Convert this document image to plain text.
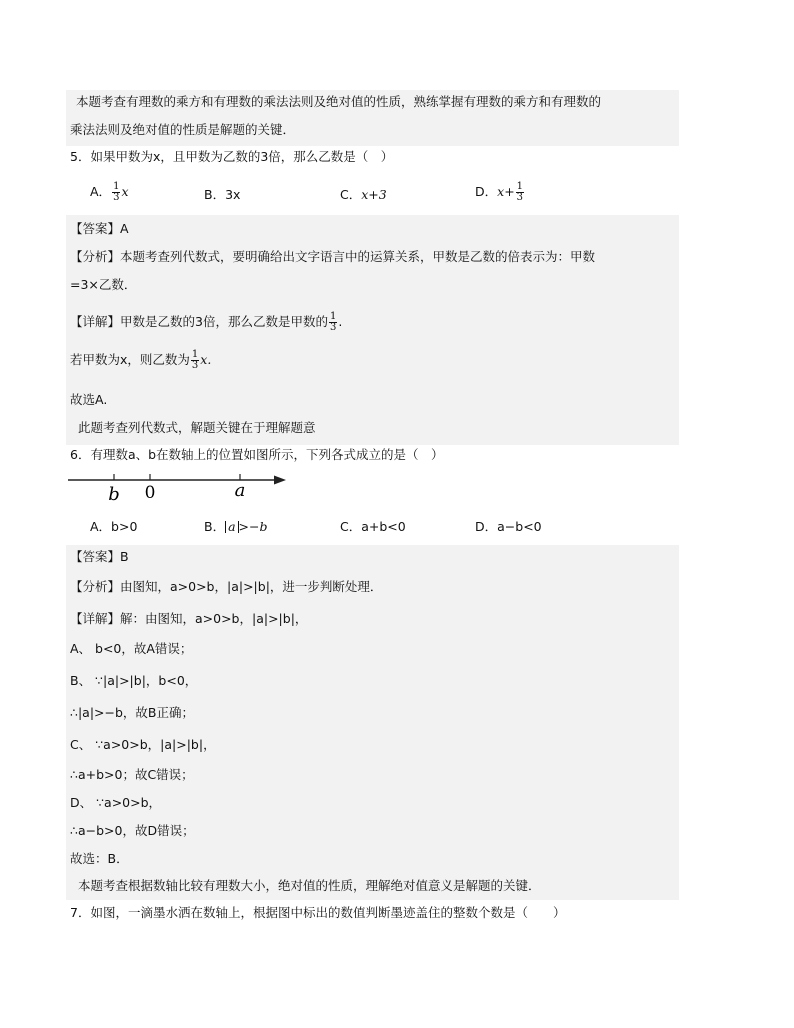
本题考查有理数的乘方和有理数的乘法法则及绝对值的性质，熟练掌握有理数的乘方和有理数的
乘法法则及绝对值的性质是解题的关键．
5．如果甲数为x，且甲数为乙数的3倍，那么乙数是（　）
A． $\frac{1}{3}$ x	B．3x	C．x+3	D．$x+ \frac{1}{3}$
【答案】A
【分析】本题考查列代数式，要明确给出文字语言中的运算关系，甲数是乙数的倍表示为：甲数
=3×乙数．
【详解】甲数是乙数的3倍，那么乙数是甲数的 $\frac{1}{3}$ .
若甲数为x，则乙数为 $\frac{1}{3} x$.
故选A.
此题考查列代数式，解题关键在于理解题意
6．有理数a、b在数轴上的位置如图所示，下列各式成立的是（　）
b 0	a
A．b>0	B． a >−b	C．a+b<0	D．a−b<0
【答案】B
【分析】由图知，a>0>b，|a|>|b|，进一步判断处理．
【详解】解：由图知，a>0>b，|a|>|b|，
A、 b<0，故A错误；
B、 ∵|a|>|b|，b<0，
∴|a|>−b，故B正确；
C、 ∵a>0>b，|a|>|b|，
∴a+b>0；故C错误；
D、 ∵a>0>b，
∴a−b>0，故D错误；
故选：B．
本题考查根据数轴比较有理数大小，绝对值的性质，理解绝对值意义是解题的关键．
7．如图，一滴墨水洒在数轴上，根据图中标出的数值判断墨迹盖住的整数个数是（　　）
